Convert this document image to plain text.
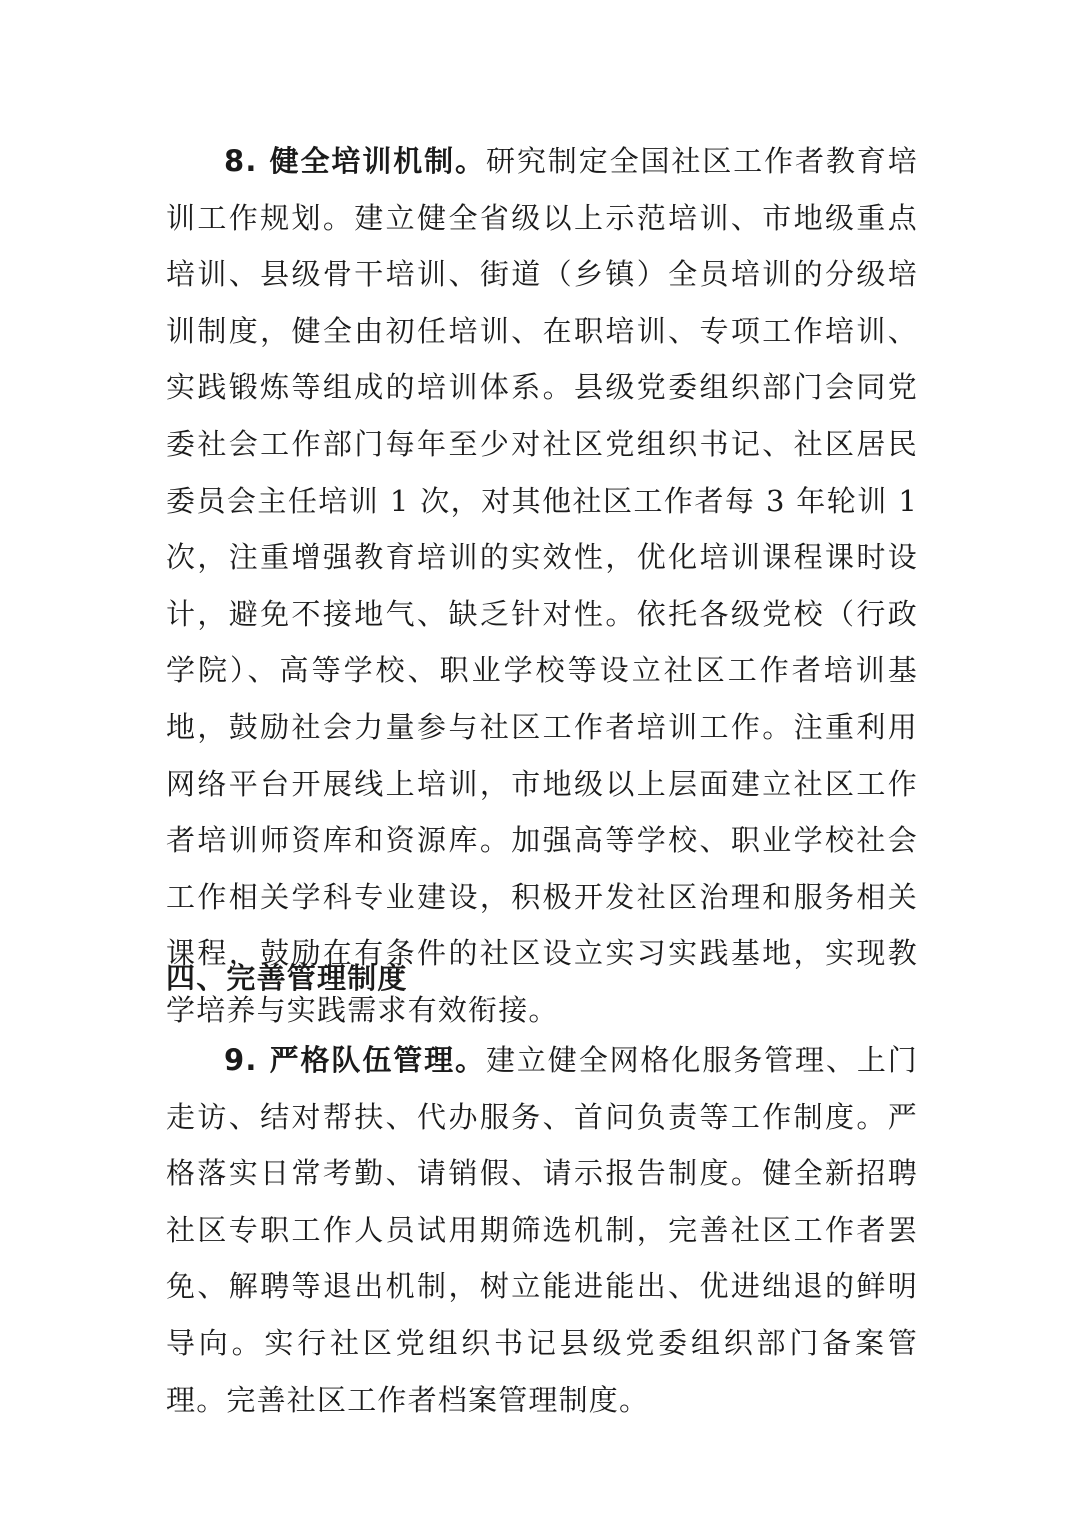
8. 健全培训机制。研究制定全国社区工作者教育培训工作规划。建立健全省级以上示范培训、市地级重点培训、县级骨干培训、街道（乡镇）全员培训的分级培训制度，健全由初任培训、在职培训、专项工作培训、实践锻炼等组成的培训体系。县级党委组织部门会同党委社会工作部门每年至少对社区党组织书记、社区居民委员会主任培训 1 次，对其他社区工作者每 3 年轮训 1 次，注重增强教育培训的实效性，优化培训课程课时设计，避免不接地气、缺乏针对性。依托各级党校（行政学院）、高等学校、职业学校等设立社区工作者培训基地，鼓励社会力量参与社区工作者培训工作。注重利用网络平台开展线上培训，市地级以上层面建立社区工作者培训师资库和资源库。加强高等学校、职业学校社会工作相关学科专业建设，积极开发社区治理和服务相关课程，鼓励在有条件的社区设立实习实践基地，实现教学培养与实践需求有效衔接。

四、完善管理制度

9. 严格队伍管理。建立健全网格化服务管理、上门走访、结对帮扶、代办服务、首问负责等工作制度。严格落实日常考勤、请销假、请示报告制度。健全新招聘社区专职工作人员试用期筛选机制，完善社区工作者罢免、解聘等退出机制，树立能进能出、优进绌退的鲜明导向。实行社区党组织书记县级党委组织部门备案管理。完善社区工作者档案管理制度。
